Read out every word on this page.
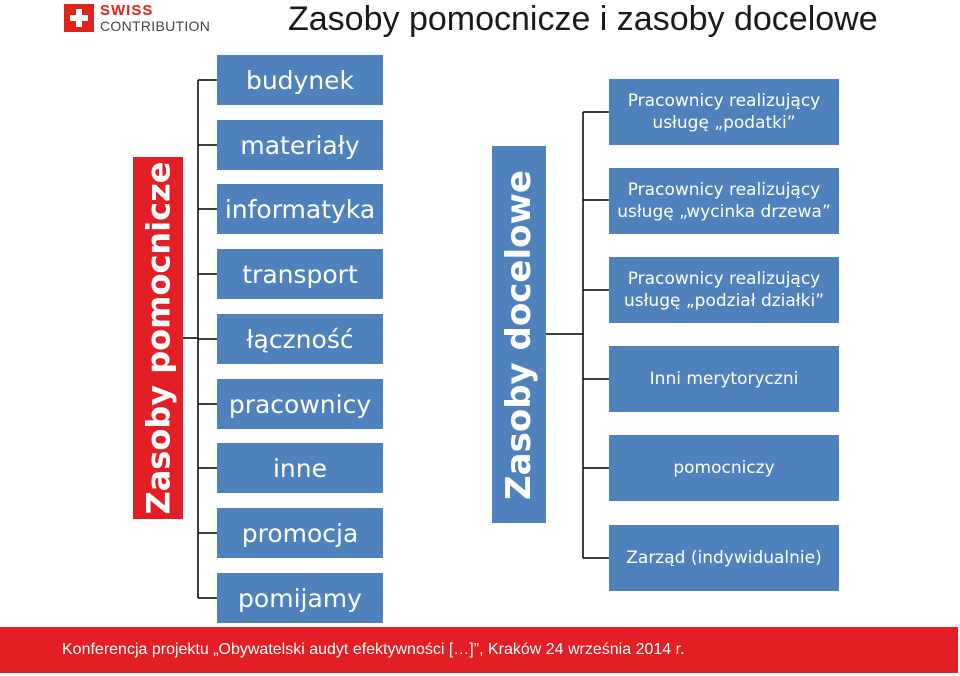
SWISS
CONTRIBUTION Zasoby pomocnicze i zasoby docelowe
Zasoby pomocnicze	Zasoby docelowe
budynek
materiały
informatyka
transport
łączność
pracownicy
inne
promocja
pomijamy
Pracownicy realizujący
usługę „podatki”
Pracownicy realizujący
usługę „wycinka drzewa”
Pracownicy realizujący
usługę „podział działki”
Inni merytoryczni
pomocniczy
Zarząd (indywidualnie)
Konferencja projektu „Obywatelski audyt efektywności […]”, Kraków 24 września 2014 r.
